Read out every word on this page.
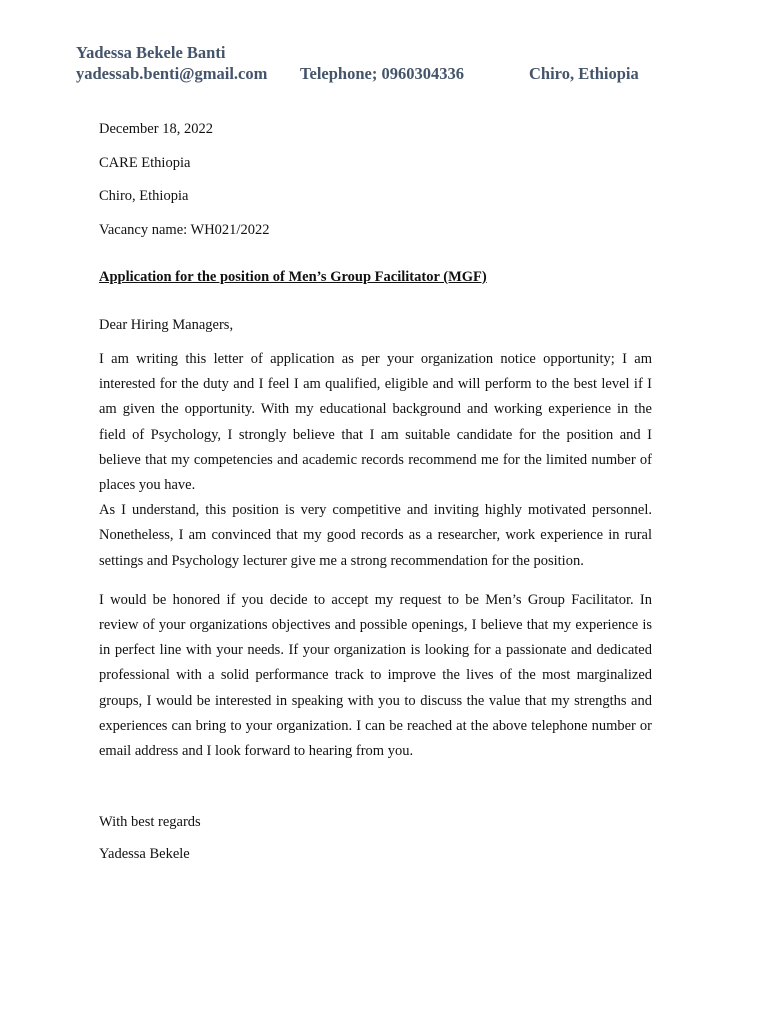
Yadessa Bekele Banti
yadessab.benti@gmail.com Telephone; 0960304336	Chiro, Ethiopia
December 18, 2022
CARE Ethiopia
Chiro, Ethiopia
Vacancy name: WH021/2022
Application for the position of Men’s Group Facilitator (MGF)
Dear Hiring Managers,
I am writing this letter of application as per your organization notice opportunity; I am interested for the duty and I feel I am qualified, eligible and will perform to the best level if I am given the opportunity. With my educational background and working experience in the field of Psychology, I strongly believe that I am suitable candidate for the position and I believe that my competencies and academic records recommend me for the limited number of places you have.
As I understand, this position is very competitive and inviting highly motivated personnel. Nonetheless, I am convinced that my good records as a researcher, work experience in rural settings and Psychology lecturer give me a strong recommendation for the position.
I would be honored if you decide to accept my request to be Men’s Group Facilitator. In review of your organizations objectives and possible openings, I believe that my experience is in perfect line with your needs. If your organization is looking for a passionate and dedicated professional with a solid performance track to improve the lives of the most marginalized groups, I would be interested in speaking with you to discuss the value that my strengths and experiences can bring to your organization. I can be reached at the above telephone number or email address and I look forward to hearing from you.
With best regards
Yadessa Bekele
